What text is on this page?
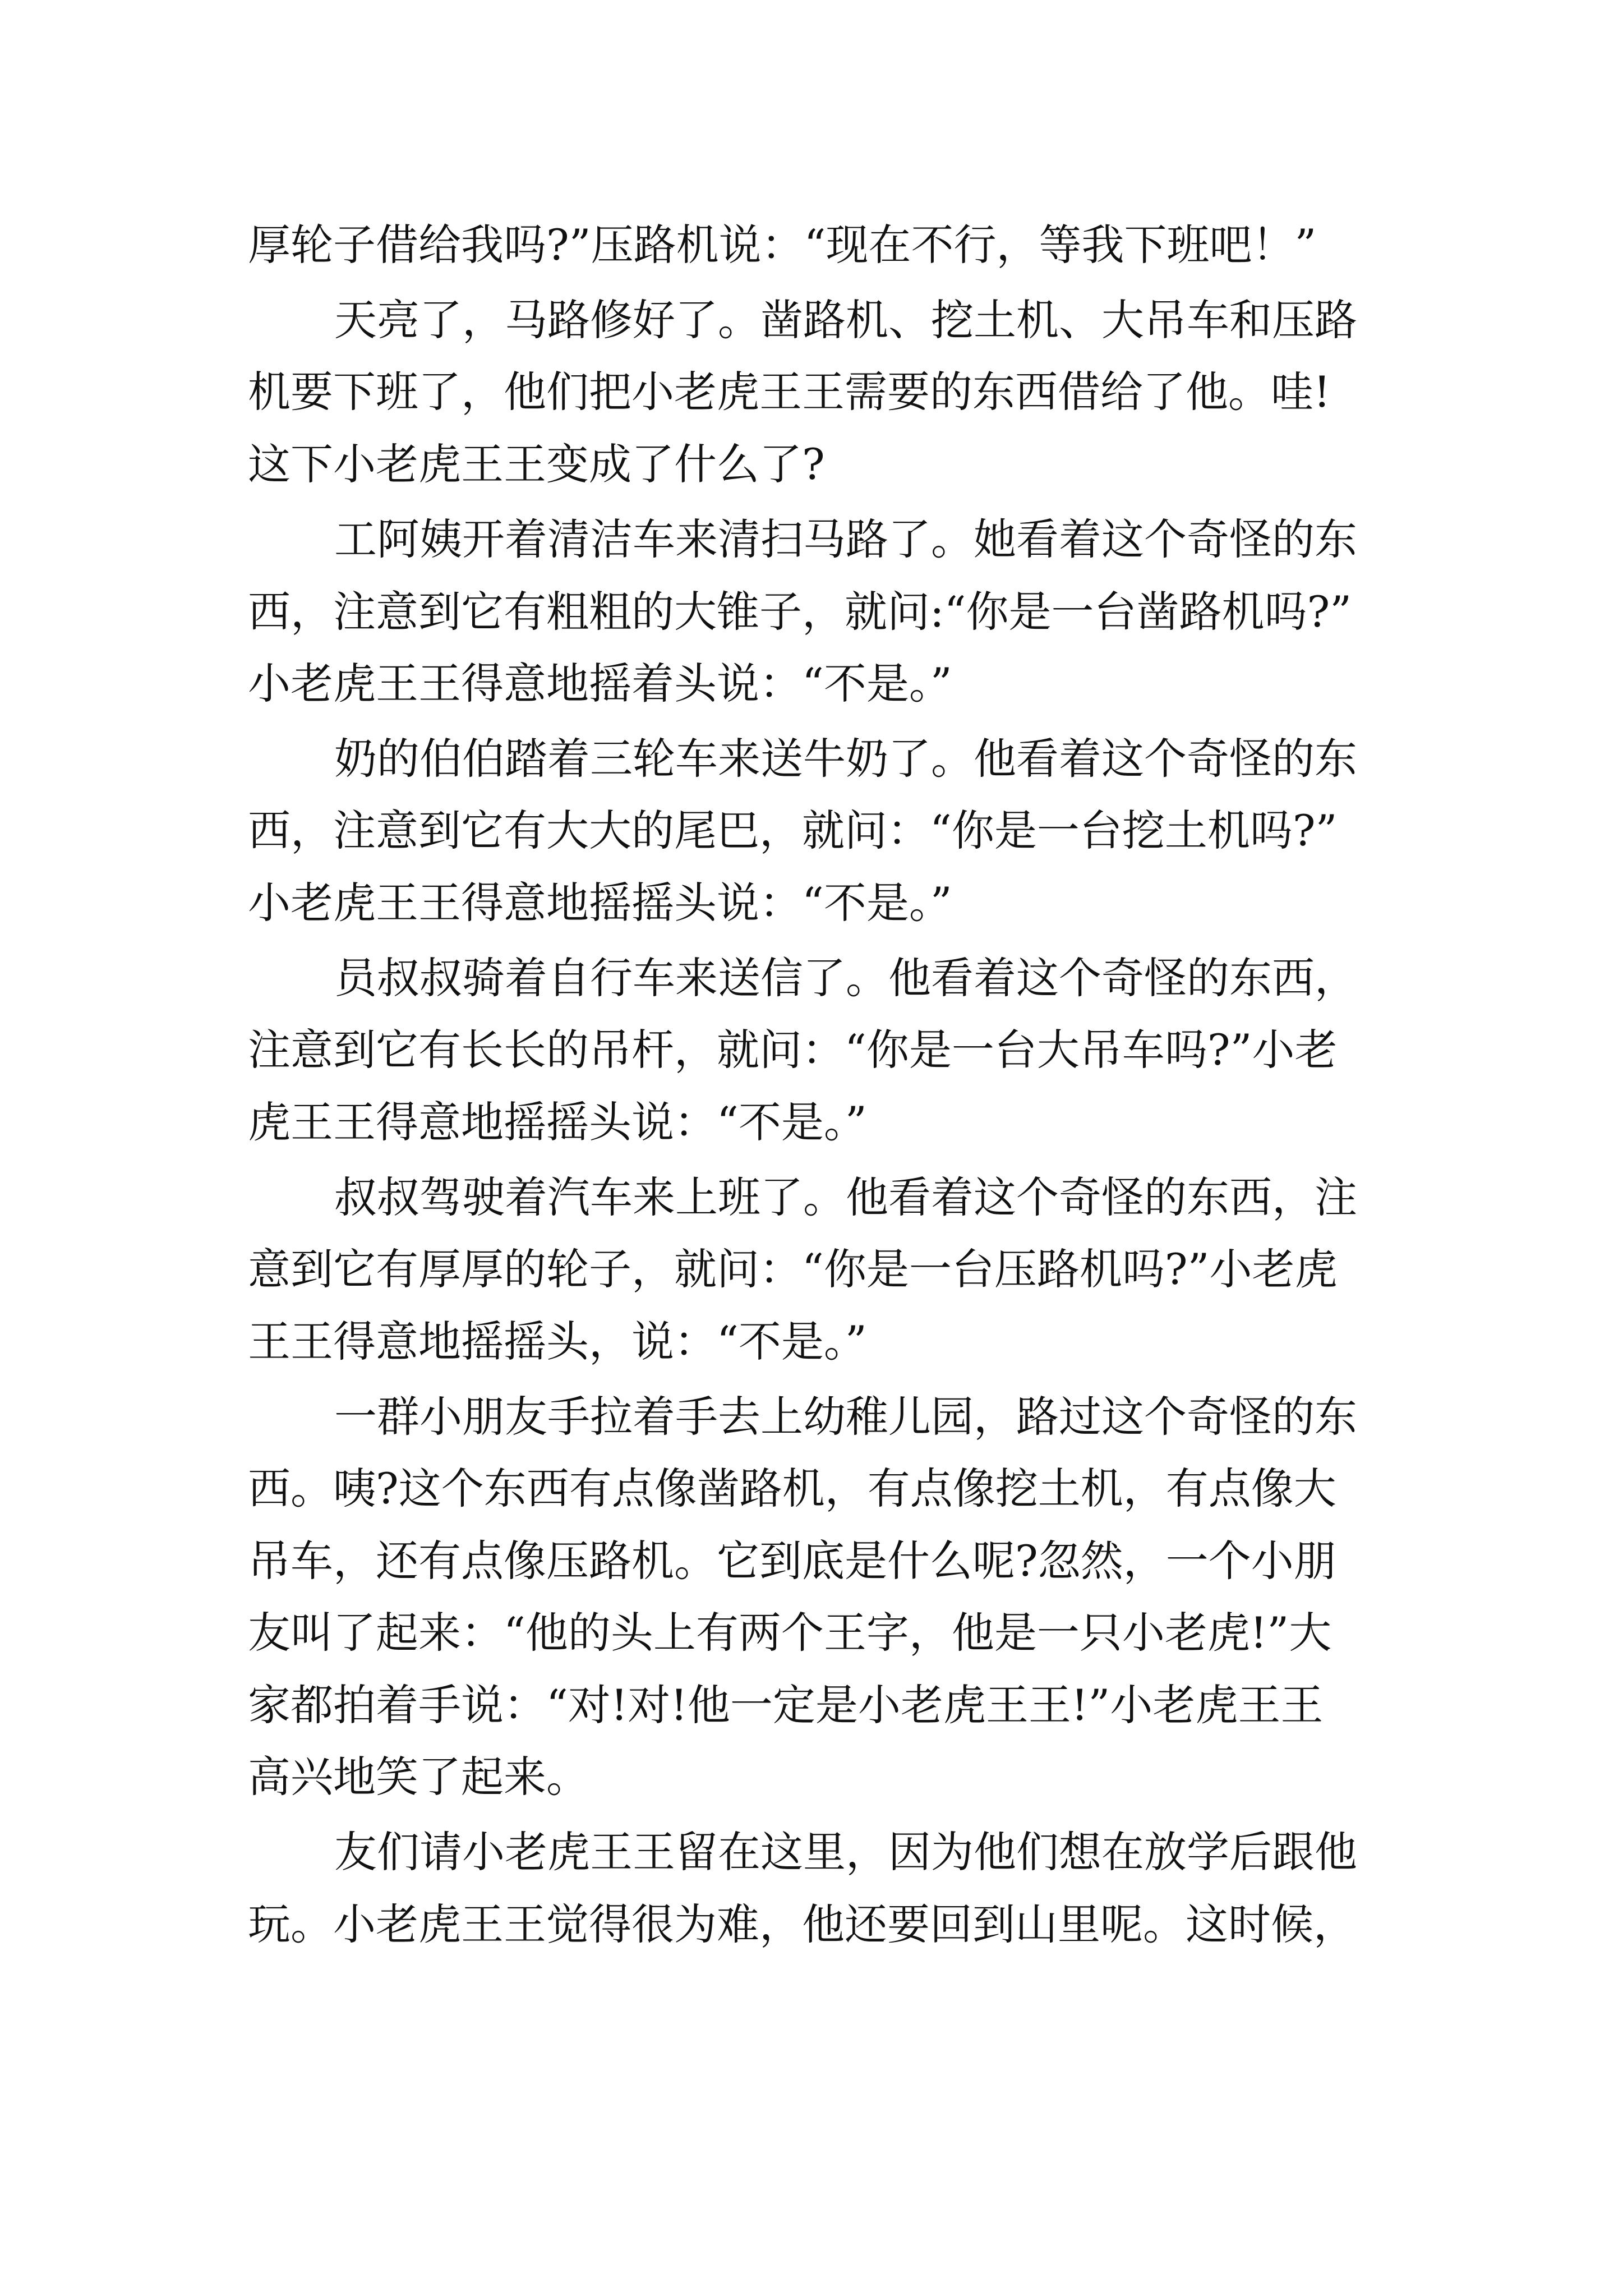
厚轮子借给我吗?”压路机说：“现在不行，等我下班吧！”

天亮了，马路修好了。凿路机、挖土机、大吊车和压路

机要下班了，他们把小老虎王王需要的东西借给了他。哇!

这下小老虎王王变成了什么了?

工阿姨开着清洁车来清扫马路了。她看着这个奇怪的东

西，注意到它有粗粗的大锥子，就问:“你是一台凿路机吗?”

小老虎王王得意地摇着头说：“不是。”

奶的伯伯踏着三轮车来送牛奶了。他看着这个奇怪的东

西，注意到它有大大的尾巴，就问：“你是一台挖土机吗?”

小老虎王王得意地摇摇头说：“不是。”

员叔叔骑着自行车来送信了。他看着这个奇怪的东西，

注意到它有长长的吊杆，就问：“你是一台大吊车吗?”小老

虎王王得意地摇摇头说：“不是。”

叔叔驾驶着汽车来上班了。他看着这个奇怪的东西，注

意到它有厚厚的轮子，就问：“你是一台压路机吗?”小老虎

王王得意地摇摇头，说：“不是。”

一群小朋友手拉着手去上幼稚儿园，路过这个奇怪的东

西。咦?这个东西有点像凿路机，有点像挖土机，有点像大

吊车，还有点像压路机。它到底是什么呢?忽然，一个小朋

友叫了起来：“他的头上有两个王字，他是一只小老虎!”大

家都拍着手说：“对!对!他一定是小老虎王王!”小老虎王王

高兴地笑了起来。

友们请小老虎王王留在这里，因为他们想在放学后跟他

玩。小老虎王王觉得很为难，他还要回到山里呢。这时候，
